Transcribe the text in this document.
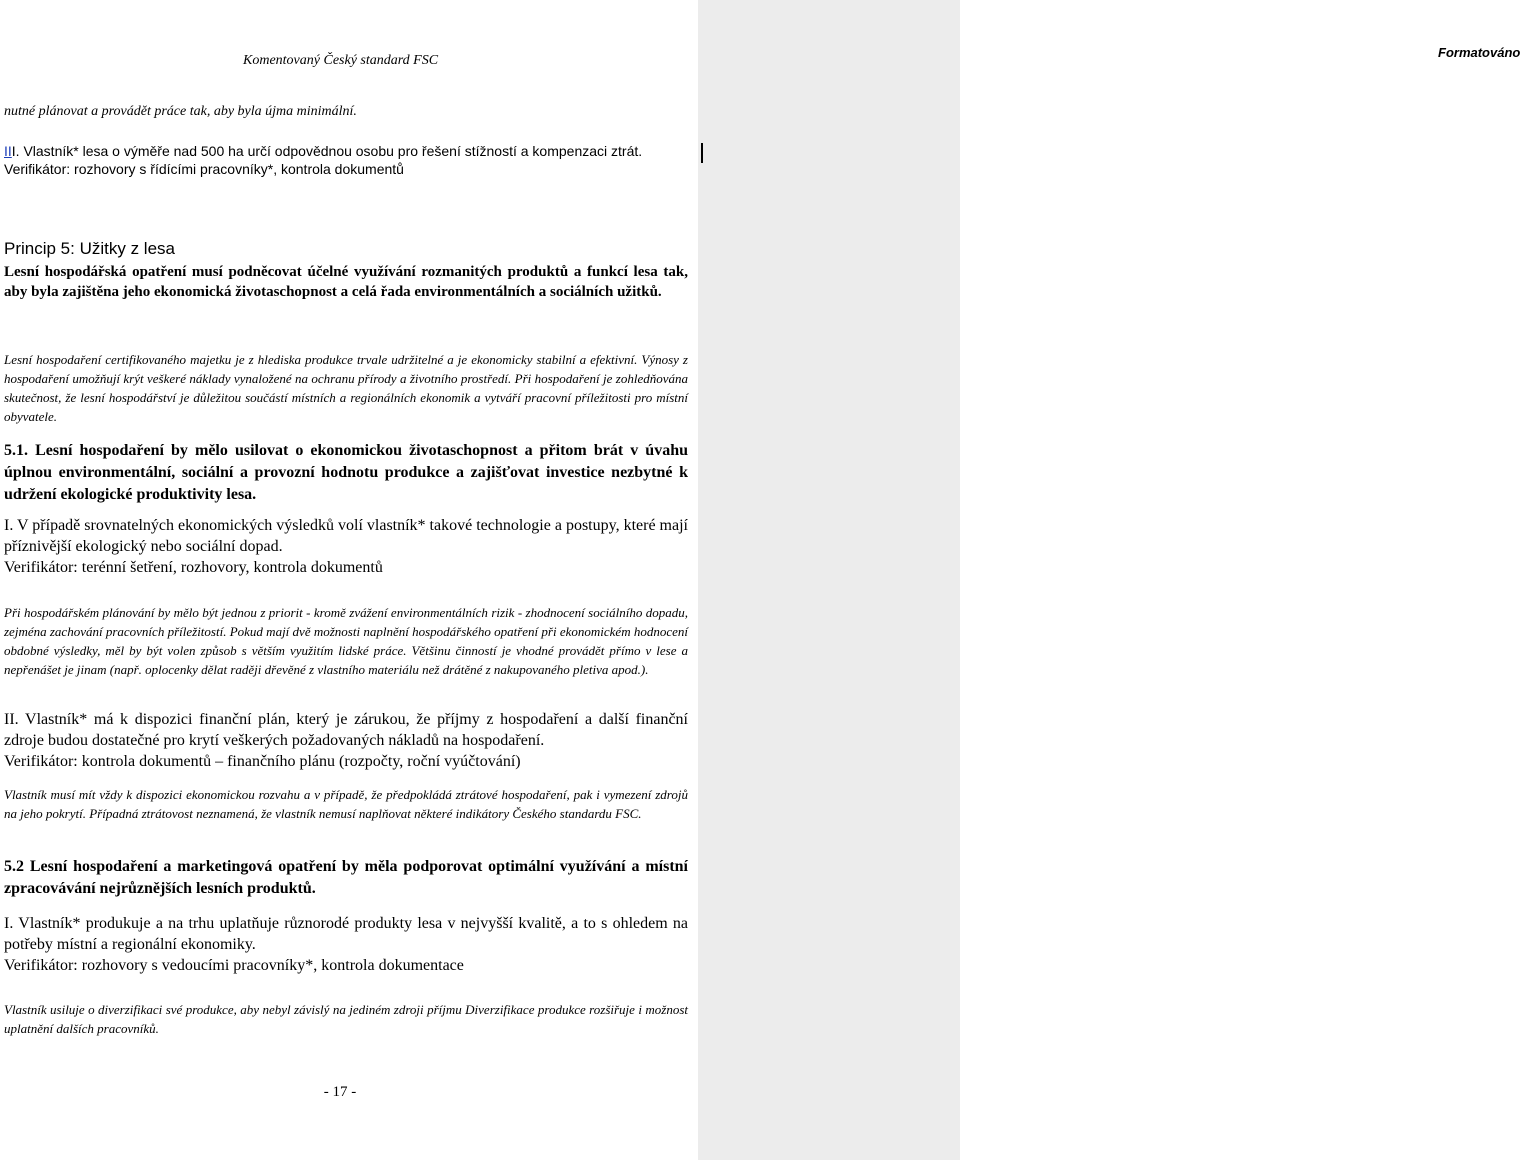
Formatováno
Komentovaný Český standard FSC

nutné plánovat a provádět práce tak, aby byla újma minimální.

III. Vlastník* lesa o výměře nad 500 ha určí odpovědnou osobu pro řešení stížností a kompenzaci ztrát.

Verifikátor: rozhovory s řídícími pracovníky*, kontrola dokumentů

Princip 5: Užitky z lesa

Lesní hospodářská opatření musí podněcovat účelné využívání rozmanitých produktů a funkcí lesa tak, aby byla zajištěna jeho ekonomická životaschopnost a celá řada environmentálních a sociálních užitků.

Lesní hospodaření certifikovaného majetku je z hlediska produkce trvale udržitelné a je ekonomicky stabilní a efektivní. Výnosy z hospodaření umožňují krýt veškeré náklady vynaložené na ochranu přírody a životního prostředí. Při hospodaření je zohledňována skutečnost, že lesní hospodářství je důležitou součástí místních a regionálních ekonomik a vytváří pracovní příležitosti pro místní obyvatele.

5.1. Lesní hospodaření by mělo usilovat o ekonomickou životaschopnost a přitom brát v úvahu úplnou environmentální, sociální a provozní hodnotu produkce a zajišťovat investice nezbytné k udržení ekologické produktivity lesa.

I. V případě srovnatelných ekonomických výsledků volí vlastník* takové technologie a postupy, které mají příznivější ekologický nebo sociální dopad.

Verifikátor: terénní šetření, rozhovory, kontrola dokumentů

Při hospodářském plánování by mělo být jednou z priorit - kromě zvážení environmentálních rizik - zhodnocení sociálního dopadu, zejména zachování pracovních příležitostí. Pokud mají dvě možnosti naplnění hospodářského opatření při ekonomickém hodnocení obdobné výsledky, měl by být volen způsob s větším využitím lidské práce. Většinu činností je vhodné provádět přímo v lese a nepřenášet je jinam (např. oplocenky dělat raději dřevěné z vlastního materiálu než drátěné z nakupovaného pletiva apod.).

II. Vlastník* má k dispozici finanční plán, který je zárukou, že příjmy z hospodaření a další finanční zdroje budou dostatečné pro krytí veškerých požadovaných nákladů na hospodaření.

Verifikátor: kontrola dokumentů – finančního plánu (rozpočty, roční vyúčtování)

Vlastník musí mít vždy k dispozici ekonomickou rozvahu a v případě, že předpokládá ztrátové hospodaření, pak i vymezení zdrojů na jeho pokrytí. Případná ztrátovost neznamená, že vlastník nemusí naplňovat některé indikátory Českého standardu FSC.

5.2 Lesní hospodaření a marketingová opatření by měla podporovat optimální využívání a místní zpracovávání nejrůznějších lesních produktů.

I. Vlastník* produkuje a na trhu uplatňuje různorodé produkty lesa v nejvyšší kvalitě, a to s ohledem na potřeby místní a regionální ekonomiky.

Verifikátor: rozhovory s vedoucími pracovníky*, kontrola dokumentace

Vlastník usiluje o diverzifikaci své produkce, aby nebyl závislý na jediném zdroji příjmu Diverzifikace produkce rozšiřuje i možnost uplatnění dalších pracovníků.

- 17 -
